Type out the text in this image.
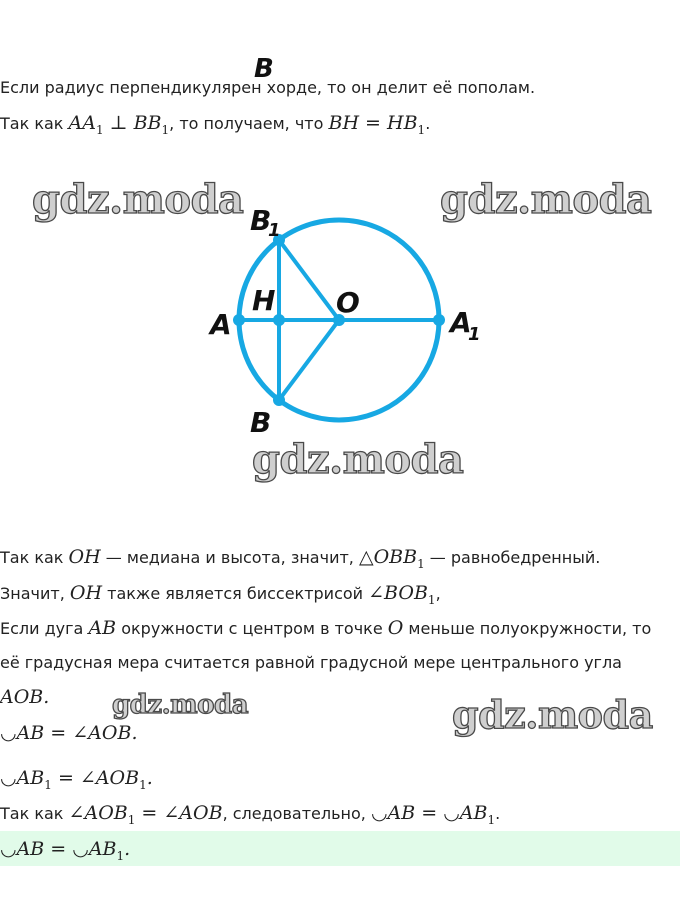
B
Если радиус перпендикулярен хорде, то он делит её пополам.
Так как $AA_1$ ⊥ $BB_1$, то получаем, что BH = $HB_1$.
gdz.moda	gdz.moda
gdz.moda
gdz.moda	gdz.moda
B
1
H O
A	A
1
B
Так как OH — медиана и высота, значит, $\triangle OBB_1$ — равнобедренный.
Значит, OH также является биссектрисой $\angle BOB_1$,
Если дуга AB окружности с центром в точке O меньше полуокружности, то
её градусная мера считается равной градусной мере центрального угла
AOB.
◡AB = ∠AOB.
$◡AB_1$ = $\angle AOB_1$.
Так как $\angle AOB_1$ = ∠AOB, следовательно, ◡AB = $◡AB_1$.
◡AB = $◡AB_1$.
